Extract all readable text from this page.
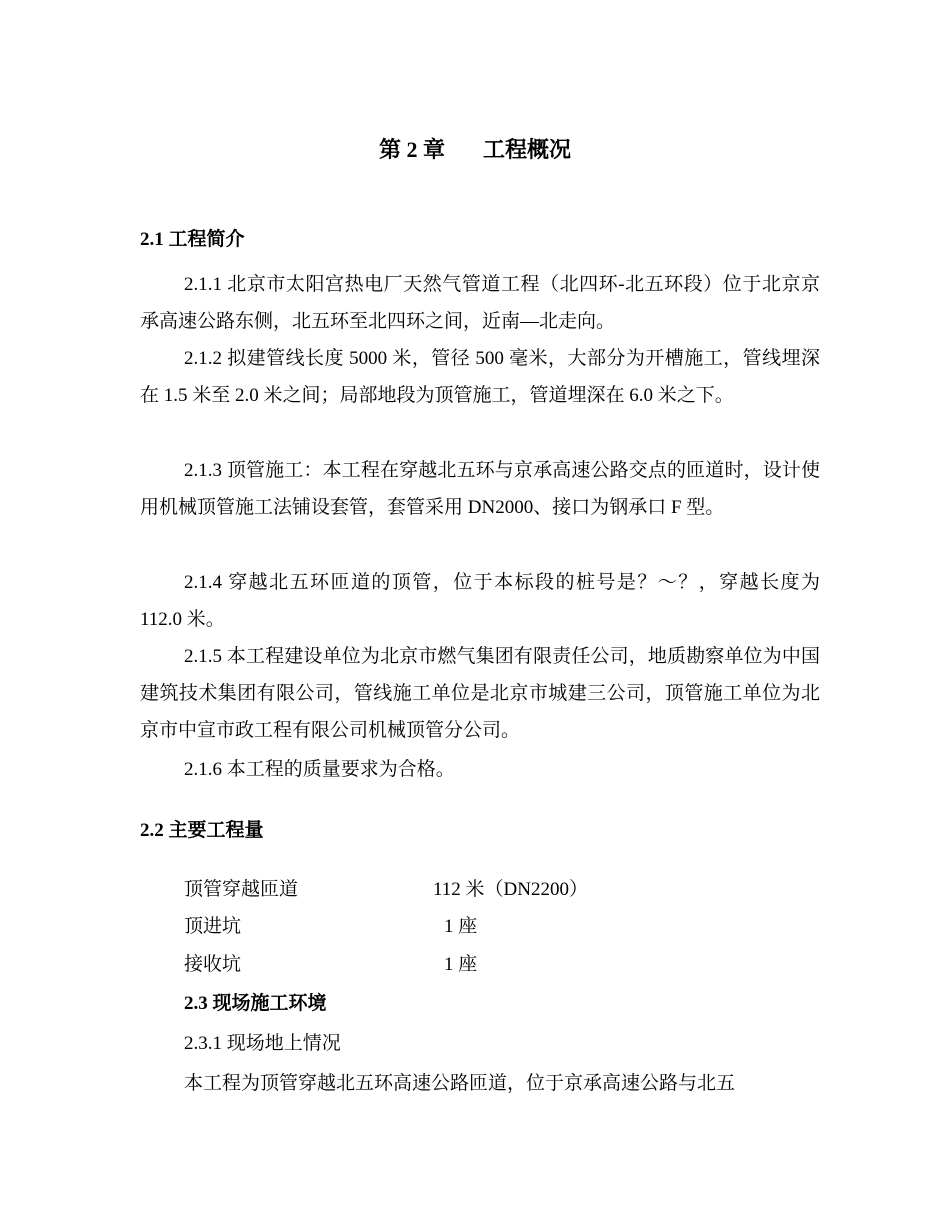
第 2 章 工程概况
2.1 工程简介
2.1.1 北京市太阳宫热电厂天然气管道工程（北四环-北五环段）位于北京京承高速公路东侧，北五环至北四环之间，近南—北走向。
2.1.2 拟建管线长度 5000 米，管径 500 毫米，大部分为开槽施工，管线埋深在 1.5 米至 2.0 米之间；局部地段为顶管施工，管道埋深在 6.0 米之下。
2.1.3 顶管施工：本工程在穿越北五环与京承高速公路交点的匝道时，设计使用机械顶管施工法铺设套管，套管采用 DN2000、接口为钢承口 F 型。
2.1.4 穿越北五环匝道的顶管，位于本标段的桩号是？～？，穿越长度为 112.0 米。
2.1.5 本工程建设单位为北京市燃气集团有限责任公司，地质勘察单位为中国建筑技术集团有限公司，管线施工单位是北京市城建三公司，顶管施工单位为北京市中宣市政工程有限公司机械顶管分公司。
2.1.6 本工程的质量要求为合格。
2.2 主要工程量
顶管穿越匝道	112 米（DN2200）
顶进坑	1 座
接收坑	1 座
2.3 现场施工环境
2.3.1 现场地上情况
本工程为顶管穿越北五环高速公路匝道，位于京承高速公路与北五
